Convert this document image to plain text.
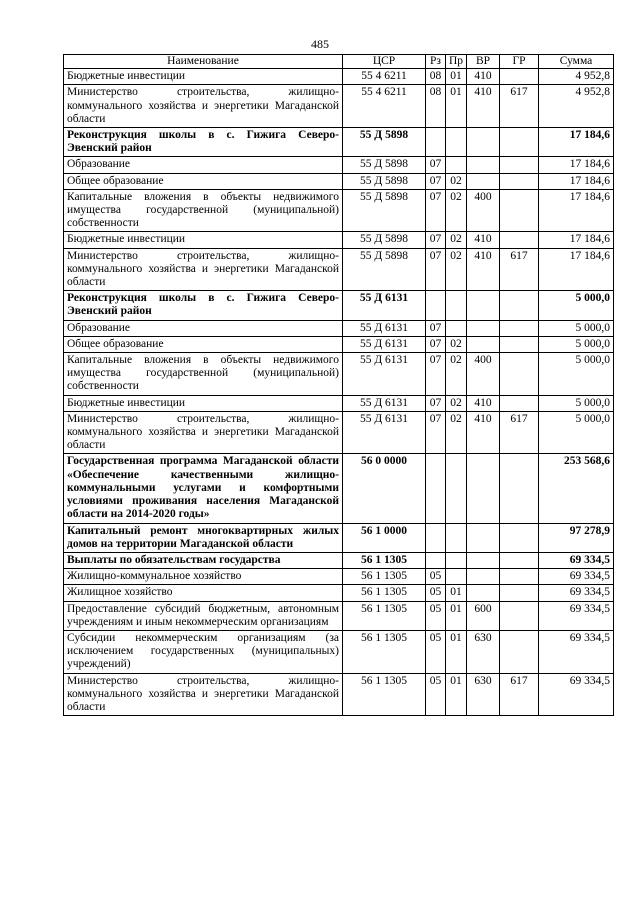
485
Наименование	ЦСР	Рз	Пр	ВР	ГР	Сумма
Бюджетные инвестиции	55 4 6211	08	01	410		4 952,8
Министерство строительства, жилищно-коммунального хозяйства и энергетики Магаданской области	55 4 6211	08	01	410	617	4 952,8
Реконструкция школы в с. Гижига Северо-Эвенский район	55 Д 5898					17 184,6
Образование	55 Д 5898	07				17 184,6
Общее образование	55 Д 5898	07	02			17 184,6
Капитальные вложения в объекты недвижимого имущества государственной (муниципальной) собственности	55 Д 5898	07	02	400		17 184,6
Бюджетные инвестиции	55 Д 5898	07	02	410		17 184,6
Министерство строительства, жилищно-коммунального хозяйства и энергетики Магаданской области	55 Д 5898	07	02	410	617	17 184,6
Реконструкция школы в с. Гижига Северо-Эвенский район	55 Д 6131					5 000,0
Образование	55 Д 6131	07				5 000,0
Общее образование	55 Д 6131	07	02			5 000,0
Капитальные вложения в объекты недвижимого имущества государственной (муниципальной) собственности	55 Д 6131	07	02	400		5 000,0
Бюджетные инвестиции	55 Д 6131	07	02	410		5 000,0
Министерство строительства, жилищно-коммунального хозяйства и энергетики Магаданской области	55 Д 6131	07	02	410	617	5 000,0
Государственная программа Магаданской области «Обеспечение качественными жилищно-коммунальными услугами и комфортными условиями проживания населения Магаданской области на 2014-2020 годы»	56 0 0000					253 568,6
Капитальный ремонт многоквартирных жилых домов на территории Магаданской области	56 1 0000					97 278,9
Выплаты по обязательствам государства	56 1 1305					69 334,5
Жилищно-коммунальное хозяйство	56 1 1305	05				69 334,5
Жилищное хозяйство	56 1 1305	05	01			69 334,5
Предоставление субсидий бюджетным, автономным учреждениям и иным некоммерческим организациям	56 1 1305	05	01	600		69 334,5
Субсидии некоммерческим организациям (за исключением государственных (муниципальных) учреждений)	56 1 1305	05	01	630		69 334,5
Министерство строительства, жилищно-коммунального хозяйства и энергетики Магаданской области	56 1 1305	05	01	630	617	69 334,5
